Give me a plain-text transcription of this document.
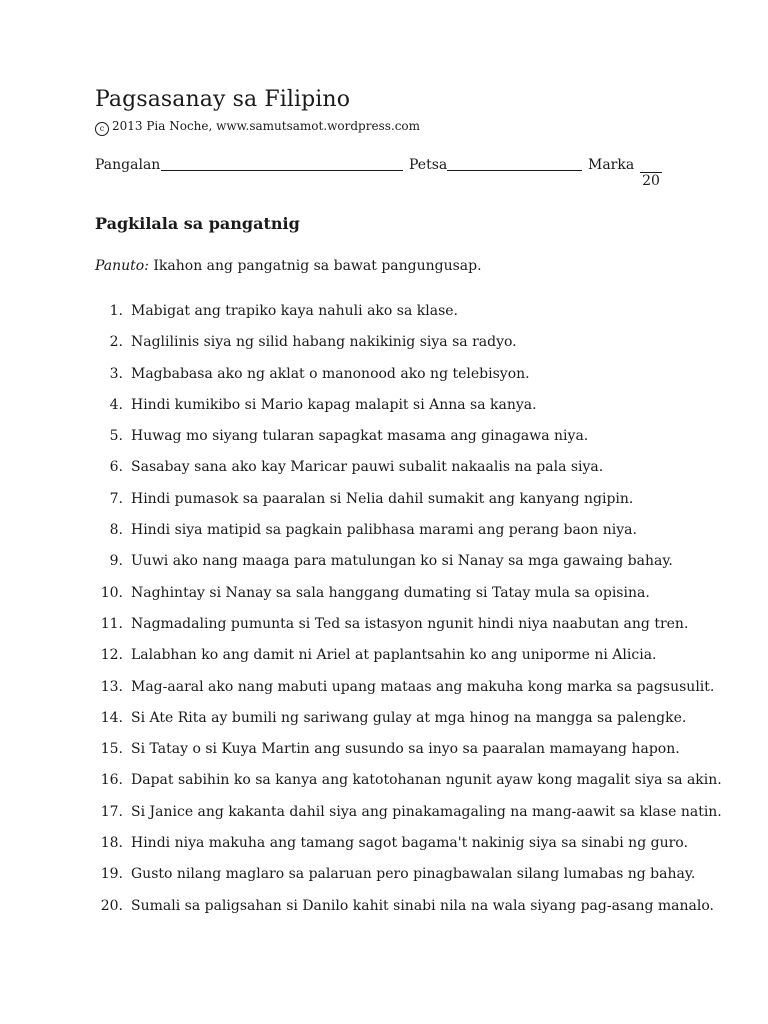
Pagsasanay sa Filipino
c 2013 Pia Noche, www.samutsamot.wordpress.com
Pangalan	Petsa	Marka
20
Pagkilala sa pangatnig
Panuto: Ikahon ang pangatnig sa bawat pangungusap.
1. Mabigat ang trapiko kaya nahuli ako sa klase.
2. Naglilinis siya ng silid habang nakikinig siya sa radyo.
3. Magbabasa ako ng aklat o manonood ako ng telebisyon.
4. Hindi kumikibo si Mario kapag malapit si Anna sa kanya.
5. Huwag mo siyang tularan sapagkat masama ang ginagawa niya.
6. Sasabay sana ako kay Maricar pauwi subalit nakaalis na pala siya.
7. Hindi pumasok sa paaralan si Nelia dahil sumakit ang kanyang ngipin.
8. Hindi siya matipid sa pagkain palibhasa marami ang perang baon niya.
9. Uuwi ako nang maaga para matulungan ko si Nanay sa mga gawaing bahay.
10. Naghintay si Nanay sa sala hanggang dumating si Tatay mula sa opisina.
11. Nagmadaling pumunta si Ted sa istasyon ngunit hindi niya naabutan ang tren.
12. Lalabhan ko ang damit ni Ariel at paplantsahin ko ang uniporme ni Alicia.
13. Mag-aaral ako nang mabuti upang mataas ang makuha kong marka sa pagsusulit.
14. Si Ate Rita ay bumili ng sariwang gulay at mga hinog na mangga sa palengke.
15. Si Tatay o si Kuya Martin ang susundo sa inyo sa paaralan mamayang hapon.
16. Dapat sabihin ko sa kanya ang katotohanan ngunit ayaw kong magalit siya sa akin.
17. Si Janice ang kakanta dahil siya ang pinakamagaling na mang-aawit sa klase natin.
18. Hindi niya makuha ang tamang sagot bagama't nakinig siya sa sinabi ng guro.
19. Gusto nilang maglaro sa palaruan pero pinagbawalan silang lumabas ng bahay.
20. Sumali sa paligsahan si Danilo kahit sinabi nila na wala siyang pag-asang manalo.
